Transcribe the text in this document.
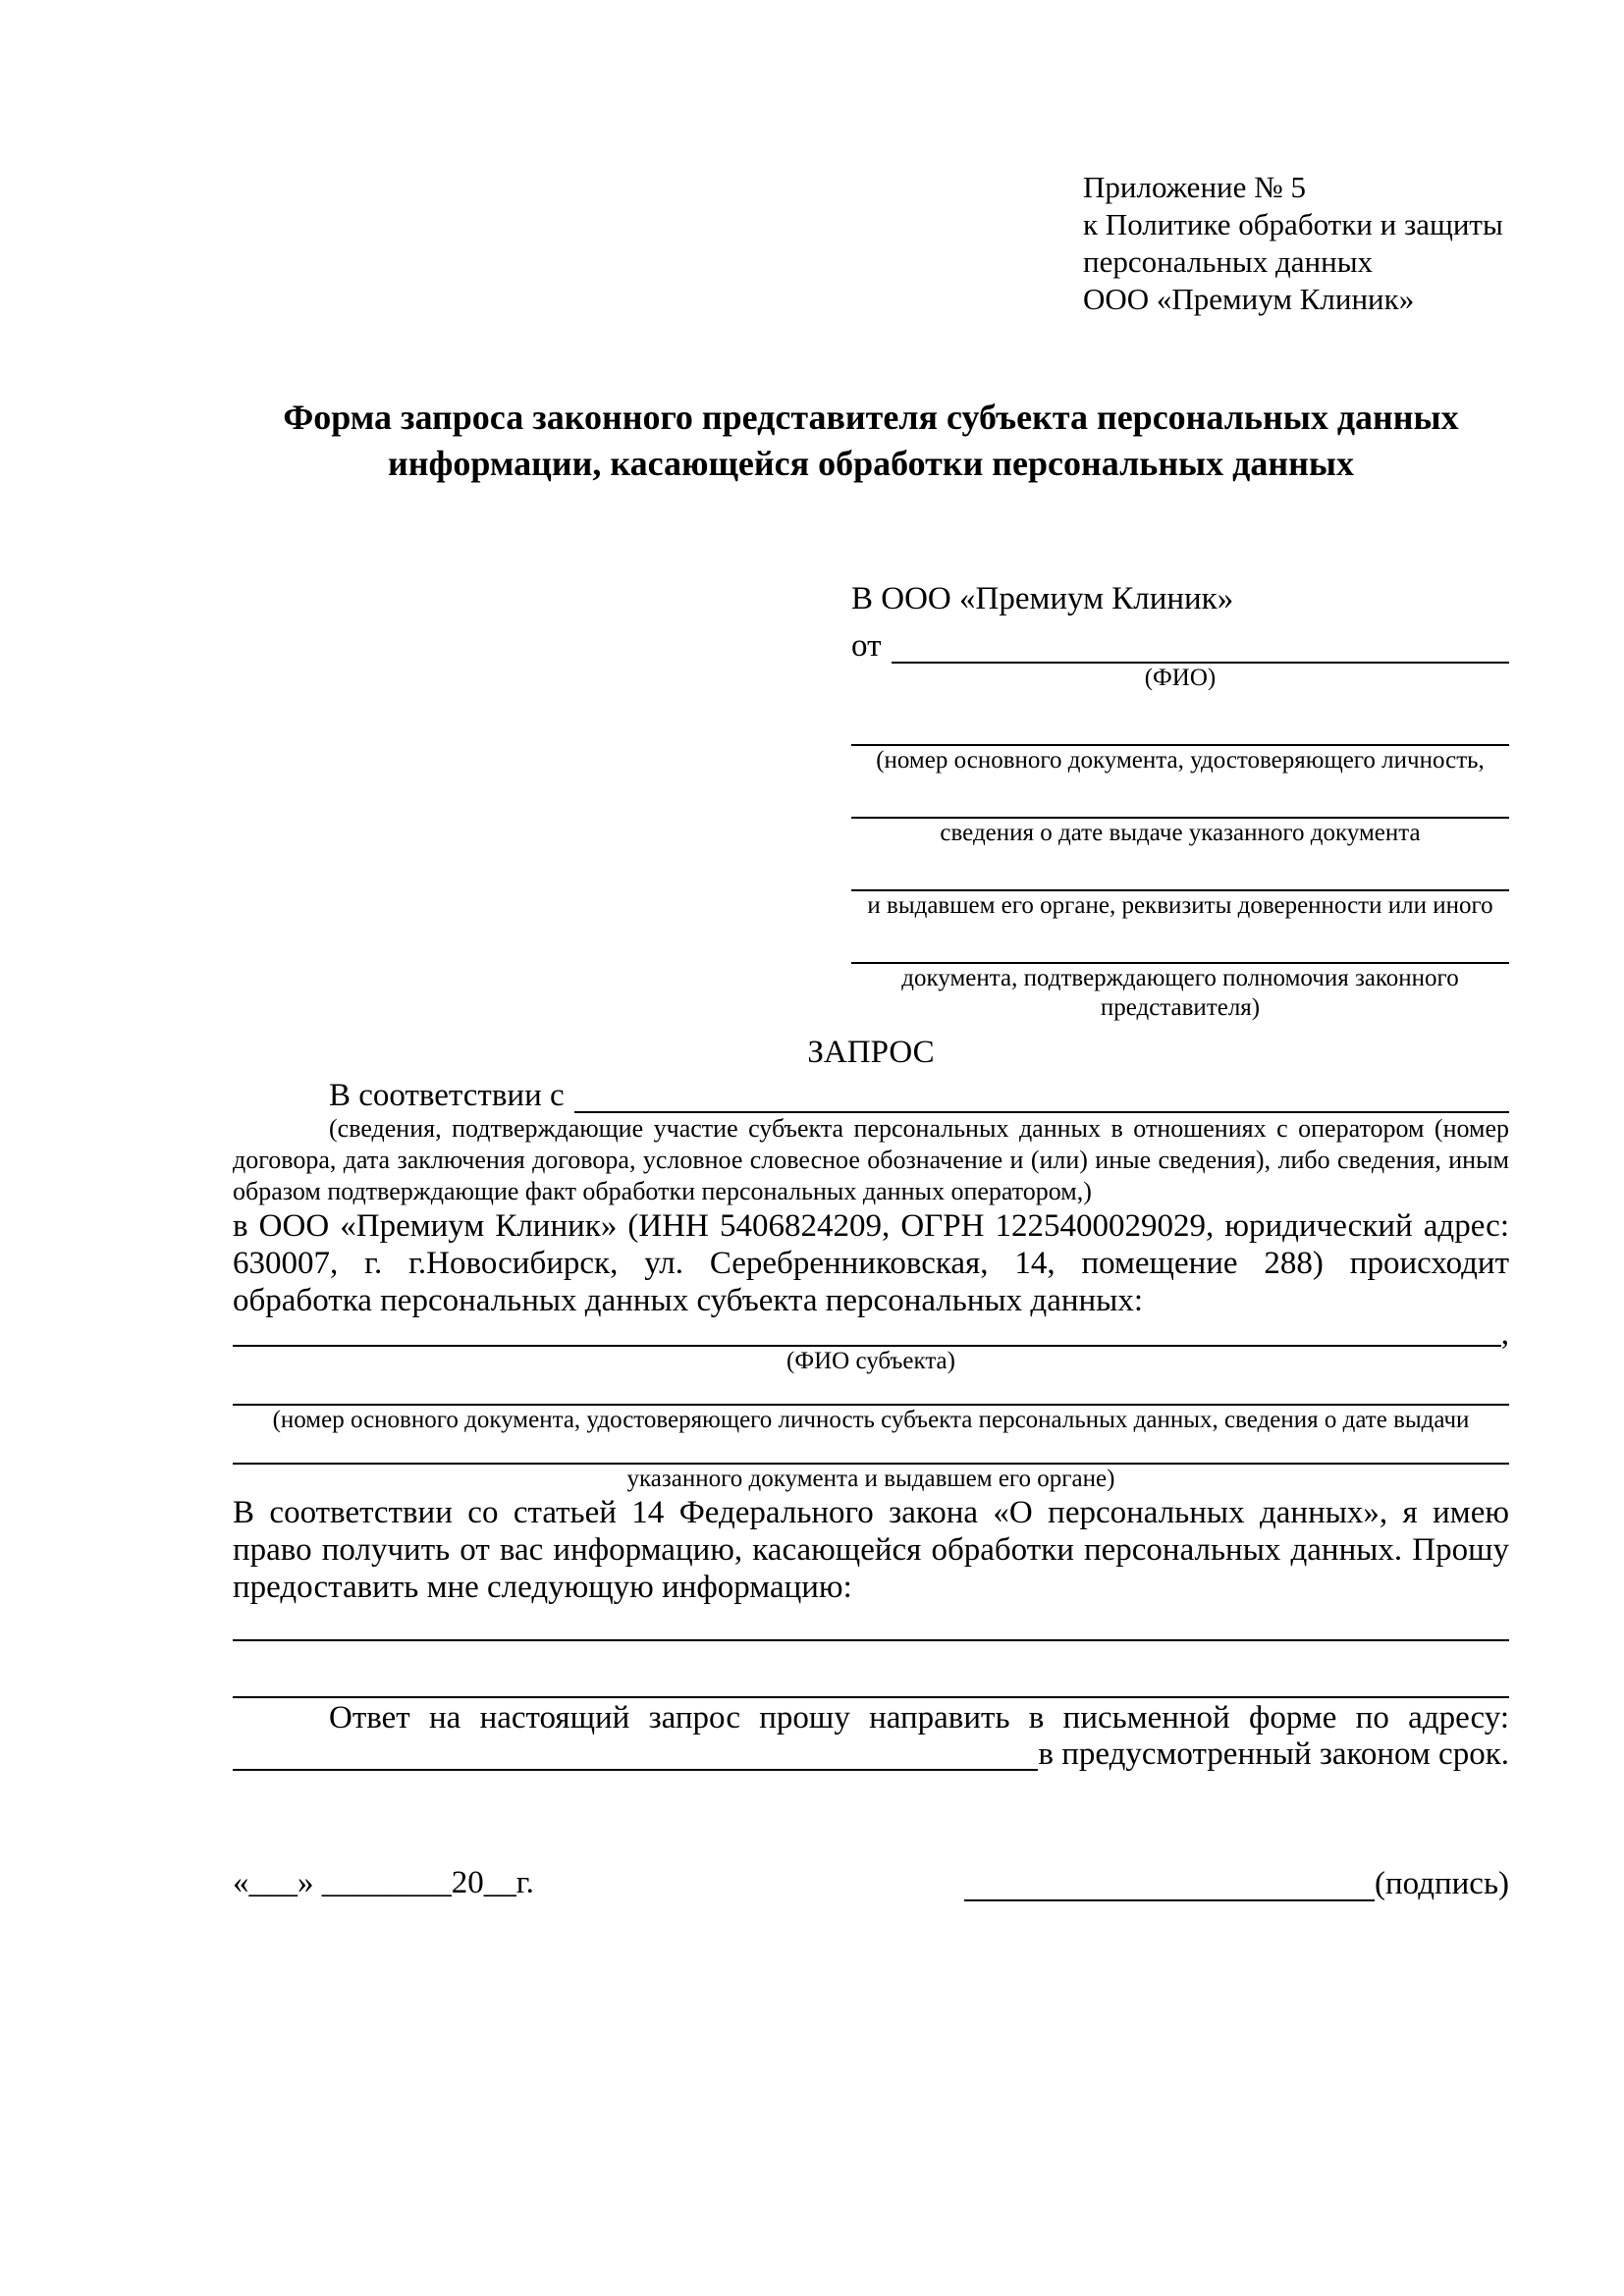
Приложение № 5
к Политике обработки и защиты
персональных данных
ООО «Премиум Клиник»
Форма запроса законного представителя субъекта персональных данных
информации, касающейся обработки персональных данных
В ООО «Премиум Клиник»
от
(ФИО)
(номер основного документа, удостоверяющего личность,
сведения о дате выдаче указанного документа
и выдавшем его органе, реквизиты доверенности или иного
документа, подтверждающего полномочия законного представителя)
ЗАПРОС
В соответствии с
(сведения, подтверждающие участие субъекта персональных данных в отношениях с оператором (номер договора, дата заключения договора, условное словесное обозначение и (или) иные сведения), либо сведения, иным образом подтверждающие факт обработки персональных данных оператором,)
в ООО «Премиум Клиник» (ИНН 5406824209, ОГРН 1225400029029, юридический адрес: 630007, г. г.Новосибирск, ул. Серебренниковская, 14, помещение 288) происходит обработка персональных данных субъекта персональных данных:
,
(ФИО субъекта)
(номер основного документа, удостоверяющего личность субъекта персональных данных, сведения о дате выдачи
указанного документа и выдавшем его органе)
В соответствии со статьей 14 Федерального закона «О персональных данных», я имею право получить от вас информацию, касающейся обработки персональных данных. Прошу предоставить мне следующую информацию:
Ответ на настоящий запрос прошу направить в письменной форме по адресу:
в предусмотренный законом срок.
«___» ________20__г.	(подпись)
